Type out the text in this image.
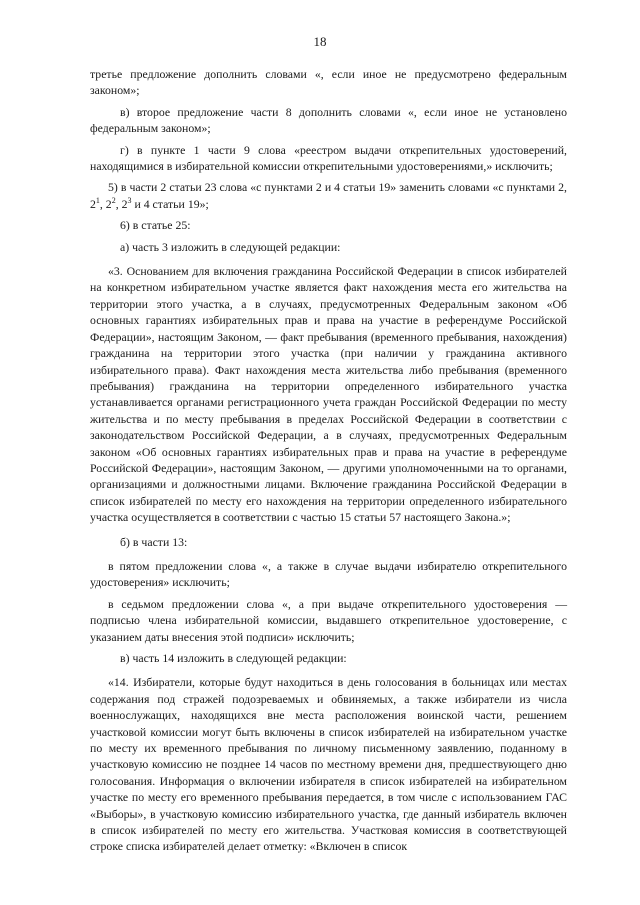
18

третье предложение дополнить словами «, если иное не предусмотрено федеральным законом»;

в) второе предложение части 8 дополнить словами «, если иное не установлено федеральным законом»;

г) в пункте 1 части 9 слова «реестром выдачи открепительных удостоверений, находящимися в избирательной комиссии открепительными удостоверениями,» исключить;

5) в части 2 статьи 23 слова «с пунктами 2 и 4 статьи 19» заменить словами «с пунктами 2, $2^1$, $2^2$, $2^3$ и 4 статьи 19»;

6) в статье 25:

а) часть 3 изложить в следующей редакции:

«3. Основанием для включения гражданина Российской Федерации в список избирателей на конкретном избирательном участке является факт нахождения места его жительства на территории этого участка, а в случаях, предусмотренных Федеральным законом «Об основных гарантиях избирательных прав и права на участие в референдуме Российской Федерации», настоящим Законом, — факт пребывания (временного пребывания, нахождения) гражданина на территории этого участка (при наличии у гражданина активного избирательного права). Факт нахождения места жительства либо пребывания (временного пребывания) гражданина на территории определенного избирательного участка устанавливается органами регистрационного учета граждан Российской Федерации по месту жительства и по месту пребывания в пределах Российской Федерации в соответствии с законодательством Российской Федерации, а в случаях, предусмотренных Федеральным законом «Об основных гарантиях избирательных прав и права на участие в референдуме Российской Федерации», настоящим Законом, — другими уполномоченными на то органами, организациями и должностными лицами. Включение гражданина Российской Федерации в список избирателей по месту его нахождения на территории определенного избирательного участка осуществляется в соответствии с частью 15 статьи 57 настоящего Закона.»;

б) в части 13:

в пятом предложении слова «, а также в случае выдачи избирателю открепительного удостоверения» исключить;

в седьмом предложении слова «, а при выдаче открепительного удостоверения — подписью члена избирательной комиссии, выдавшего открепительное удостоверение, с указанием даты внесения этой подписи» исключить;

в) часть 14 изложить в следующей редакции:

«14. Избиратели, которые будут находиться в день голосования в больницах или местах содержания под стражей подозреваемых и обвиняемых, а также избиратели из числа военнослужащих, находящихся вне места расположения воинской части, решением участковой комиссии могут быть включены в список избирателей на избирательном участке по месту их временного пребывания по личному письменному заявлению, поданному в участковую комиссию не позднее 14 часов по местному времени дня, предшествующего дню голосования. Информация о включении избирателя в список избирателей на избирательном участке по месту его временного пребывания передается, в том числе с использованием ГАС «Выборы», в участковую комиссию избирательного участка, где данный избиратель включен в список избирателей по месту его жительства. Участковая комиссия в соответствующей строке списка избирателей делает отметку: «Включен в список
